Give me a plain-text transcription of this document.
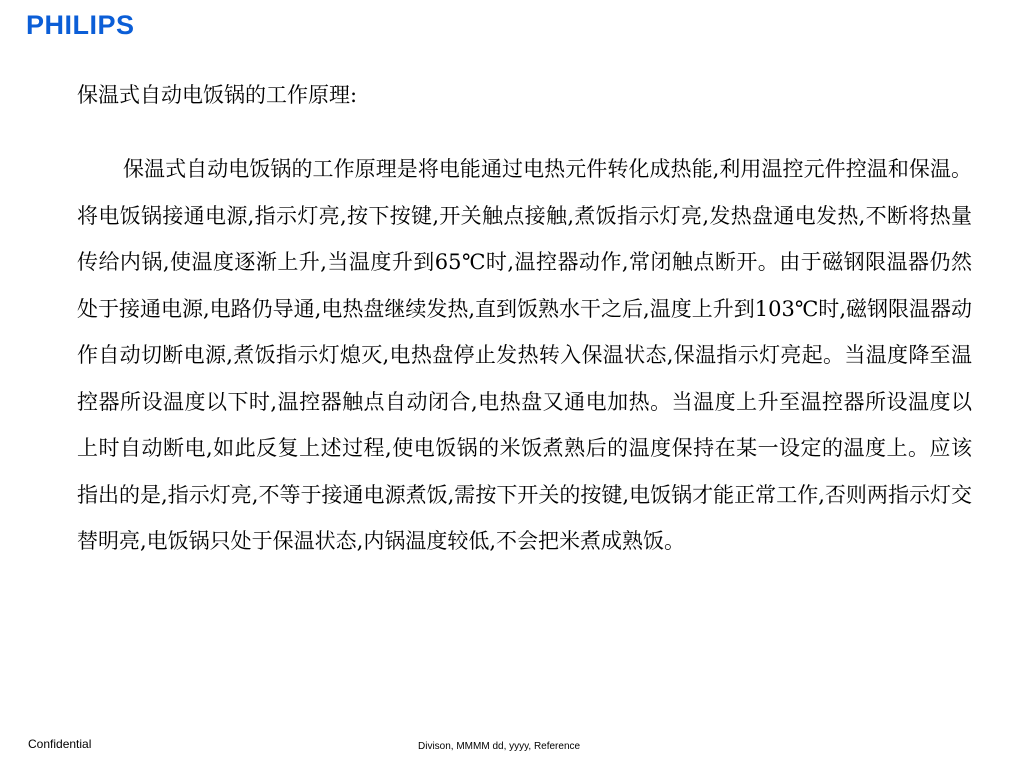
PHILIPS
保温式自动电饭锅的工作原理:

保温式自动电饭锅的工作原理是将电能通过电热元件转化成热能,利用温控元件控温和保温。将电饭锅接通电源,指示灯亮,按下按键,开关触点接触,煮饭指示灯亮,发热盘通电发热,不断将热量传给内锅,使温度逐渐上升,当温度升到65℃时,温控器动作,常闭触点断开。由于磁钢限温器仍然处于接通电源,电路仍导通,电热盘继续发热,直到饭熟水干之后,温度上升到103℃时,磁钢限温器动作自动切断电源,煮饭指示灯熄灭,电热盘停止发热转入保温状态,保温指示灯亮起。当温度降至温控器所设温度以下时,温控器触点自动闭合,电热盘又通电加热。当温度上升至温控器所设温度以上时自动断电,如此反复上述过程,使电饭锅的米饭煮熟后的温度保持在某一设定的温度上。应该指出的是,指示灯亮,不等于接通电源煮饭,需按下开关的按键,电饭锅才能正常工作,否则两指示灯交替明亮,电饭锅只处于保温状态,内锅温度较低,不会把米煮成熟饭。

Confidential	Divison, MMMM dd, yyyy, Reference
